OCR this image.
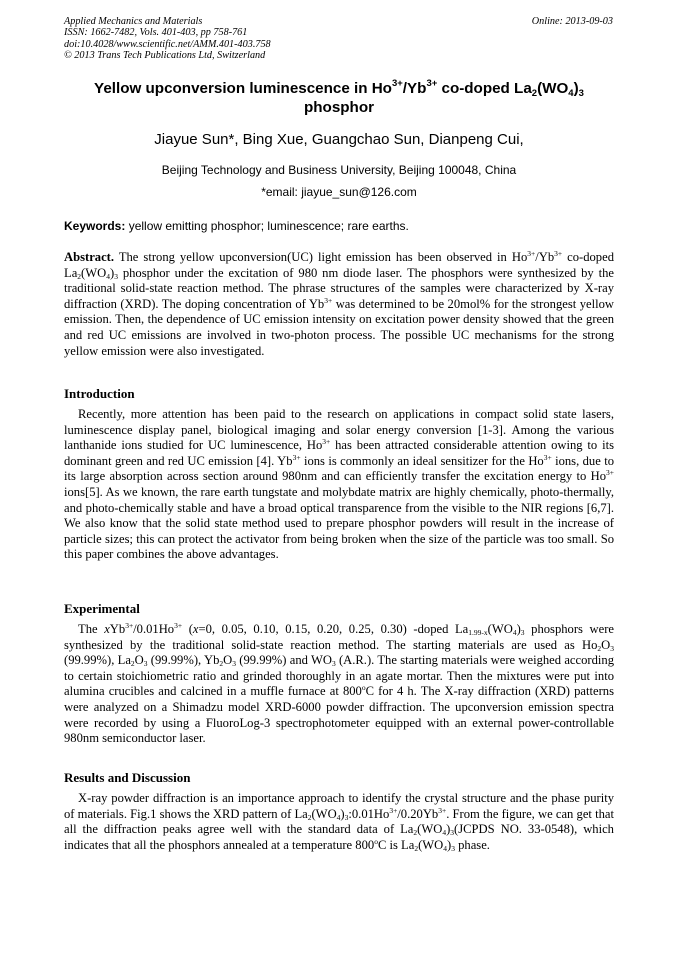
Applied Mechanics and Materials
ISSN: 1662-7482, Vols. 401-403, pp 758-761
doi:10.4028/www.scientific.net/AMM.401-403.758
© 2013 Trans Tech Publications Ltd, Switzerland
Online: 2013-09-03
Yellow upconversion luminescence in $Ho^{3+}/Yb^{3+}$ co-doped $La_2(WO_4)_3$ phosphor
Jiayue Sun*, Bing Xue, Guangchao Sun, Dianpeng Cui,
Beijing Technology and Business University, Beijing 100048, China
*email: jiayue_sun@126.com
Keywords: yellow emitting phosphor; luminescence; rare earths.

Abstract. The strong yellow upconversion(UC) light emission has been observed in $Ho^{3+}/Yb^{3+}$ co-doped $La_2(WO_4)_3$ phosphor under the excitation of 980 nm diode laser. The phosphors were synthesized by the traditional solid-state reaction method. The phrase structures of the samples were characterized by X-ray diffraction (XRD). The doping concentration of $Yb^{3+}$ was determined to be 20mol% for the strongest yellow emission. Then, the dependence of UC emission intensity on excitation power density showed that the green and red UC emissions are involved in two-photon process. The possible UC mechanisms for the strong yellow emission were also investigated.

Introduction

Recently, more attention has been paid to the research on applications in compact solid state lasers, luminescence display panel, biological imaging and solar energy conversion [1-3]. Among the various lanthanide ions studied for UC luminescence, $Ho^{3+}$ has been attracted considerable attention owing to its dominant green and red UC emission [4]. $Yb^{3+}$ ions is commonly an ideal sensitizer for the $Ho^{3+}$ ions, due to its large absorption across section around 980nm and can efficiently transfer the excitation energy to $Ho^{3+}$ ions[5]. As we known, the rare earth tungstate and molybdate matrix are highly chemically, photo-thermally, and photo-chemically stable and have a broad optical transparence from the visible to the NIR regions [6,7]. We also know that the solid state method used to prepare phosphor powders will result in the increase of particle sizes; this can protect the activator from being broken when the size of the particle was too small. So this paper combines the above advantages.

Experimental

The $xYb^{3+}/0.01Ho^{3+}$ (x=0, 0.05, 0.10, 0.15, 0.20, 0.25, 0.30) -doped $La_{1.99-x}(WO_4)_3$ phosphors were synthesized by the traditional solid-state reaction method. The starting materials are used as $Ho_2O_3$ (99.99%), $La_2O_3$ (99.99%), $Yb_2O_3$ (99.99%) and $WO_3$ (A.R.). The starting materials were weighed according to certain stoichiometric ratio and grinded thoroughly in an agate mortar. Then the mixtures were put into alumina crucibles and calcined in a muffle furnace at 800$^o$C for 4 h. The X-ray diffraction (XRD) patterns were analyzed on a Shimadzu model XRD-6000 powder diffraction. The upconversion emission spectra were recorded by using a FluoroLog-3 spectrophotometer equipped with an external power-controllable 980nm semiconductor laser.

Results and Discussion

X-ray powder diffraction is an importance approach to identify the crystal structure and the phase purity of materials. Fig.1 shows the XRD pattern of $La_2(WO_4)_3:0.01Ho^{3+}/0.20Yb^{3+}$. From the figure, we can get that all the diffraction peaks agree well with the standard data of $La_2(WO_4)_3(JCPDS$ NO. 33-0548), which indicates that all the phosphors annealed at a temperature 800$^o$C is $La_2(WO_4)_3$ phase.
